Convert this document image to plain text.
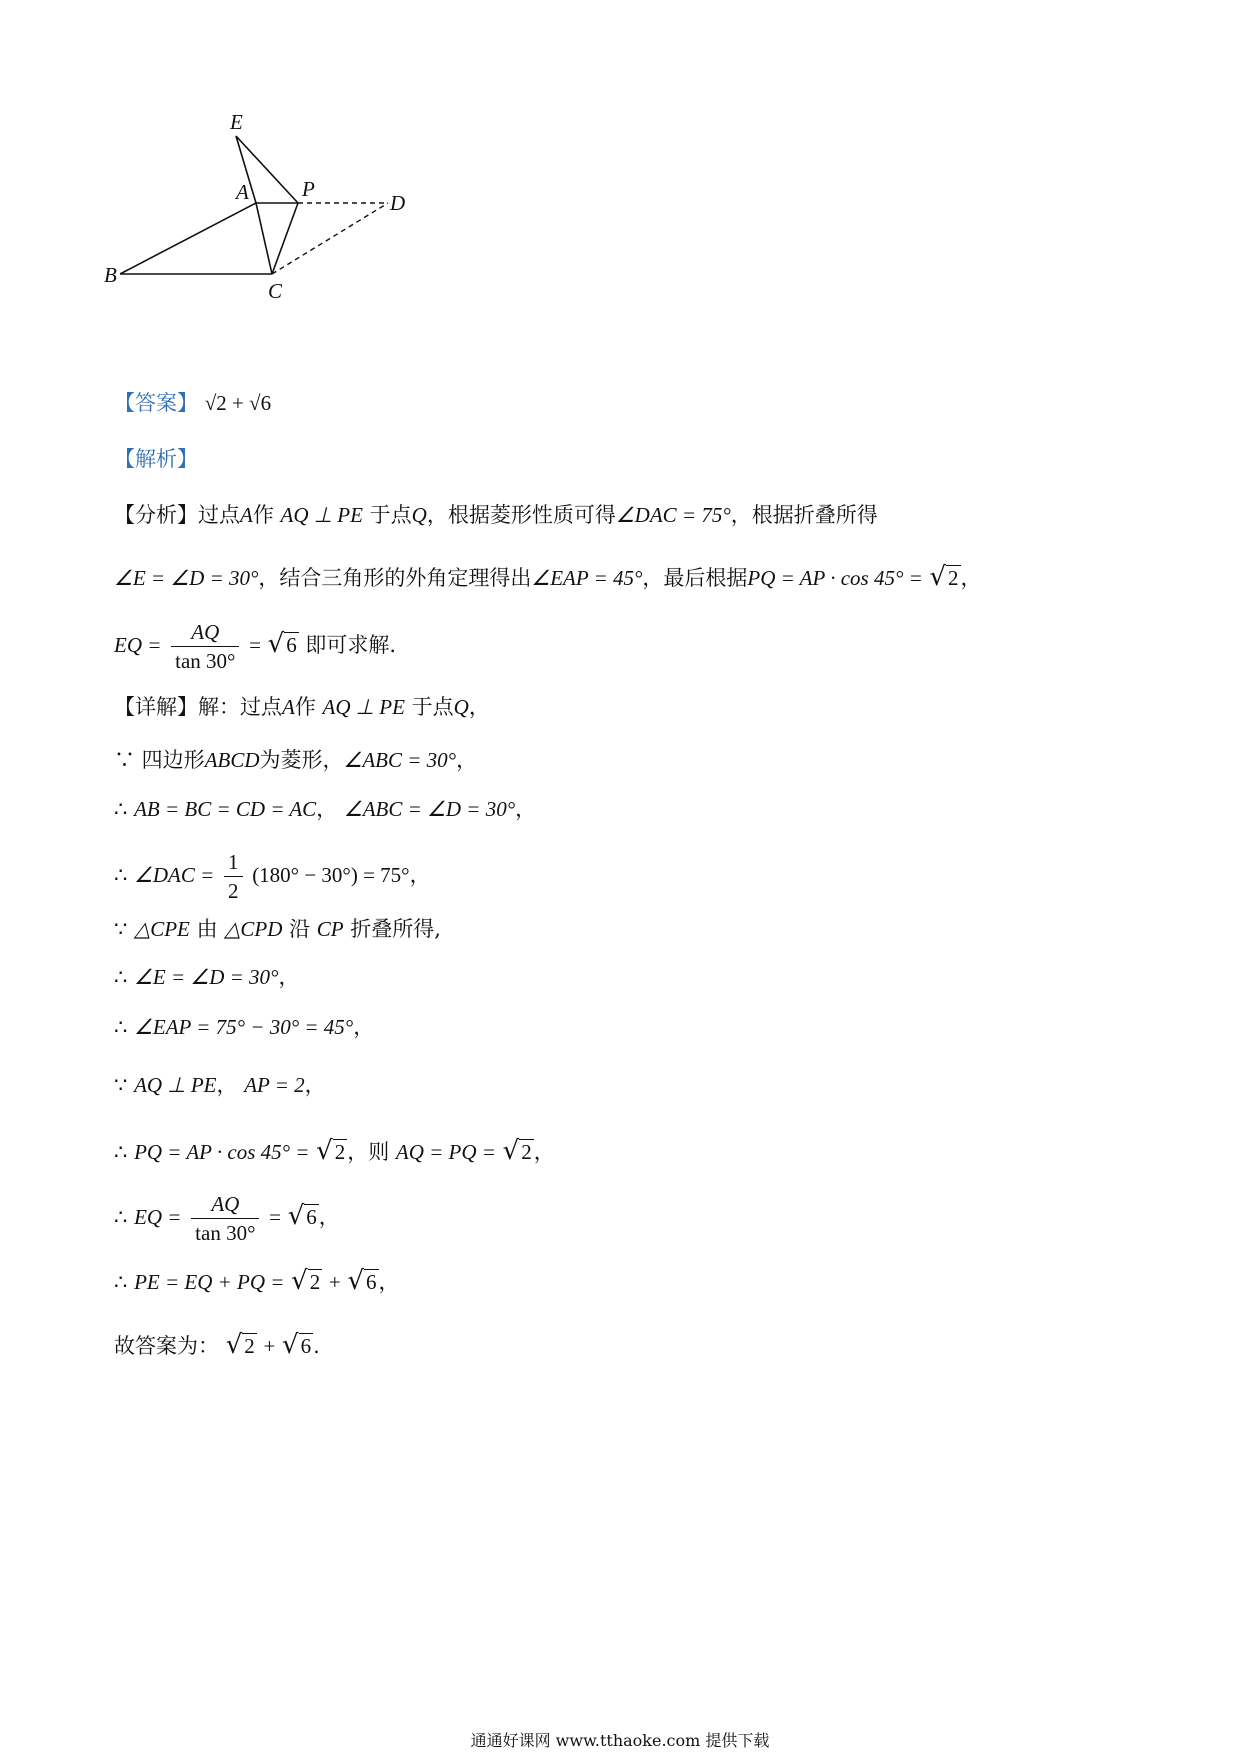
E
A	P
D
B
C
【答案】 √2 + √6
【解析】
【分析】过点A作 AQ ⊥ PE 于点Q，根据菱形性质可得∠DAC = 75°，根据折叠所得
∠E = ∠D = 30°，结合三角形的外角定理得出∠EAP = 45°，最后根据PQ = AP · cos 45° = √2，
EQ = $\frac{AQ}{\tan 30^\circ} = √6$ 即可求解.
【详解】解：过点A作 AQ ⊥ PE 于点Q，
∵ 四边形ABCD为菱形，∠ABC = 30°，
∴ AB = BC = CD = AC， ∠ABC = ∠D = 30°，
∴ ∠DAC = $\frac{1}{2} (180^\circ - 30^\circ) = 75^\circ$，
∵ △CPE 由 △CPD 沿 CP 折叠所得,
∴ ∠E = ∠D = 30°，
∴ ∠EAP = 75° − 30° = 45°，
∵ AQ ⊥ PE， AP = 2，
∴ PQ = AP · cos 45° = √2，则 AQ = PQ = √2，
∴ EQ = $\frac{AQ}{\tan 30^\circ} = √6$，
∴ PE = EQ + PQ = √2 + √6，
故答案为： √2 + √6.
通通好课网 www.tthaoke.com 提供下载
